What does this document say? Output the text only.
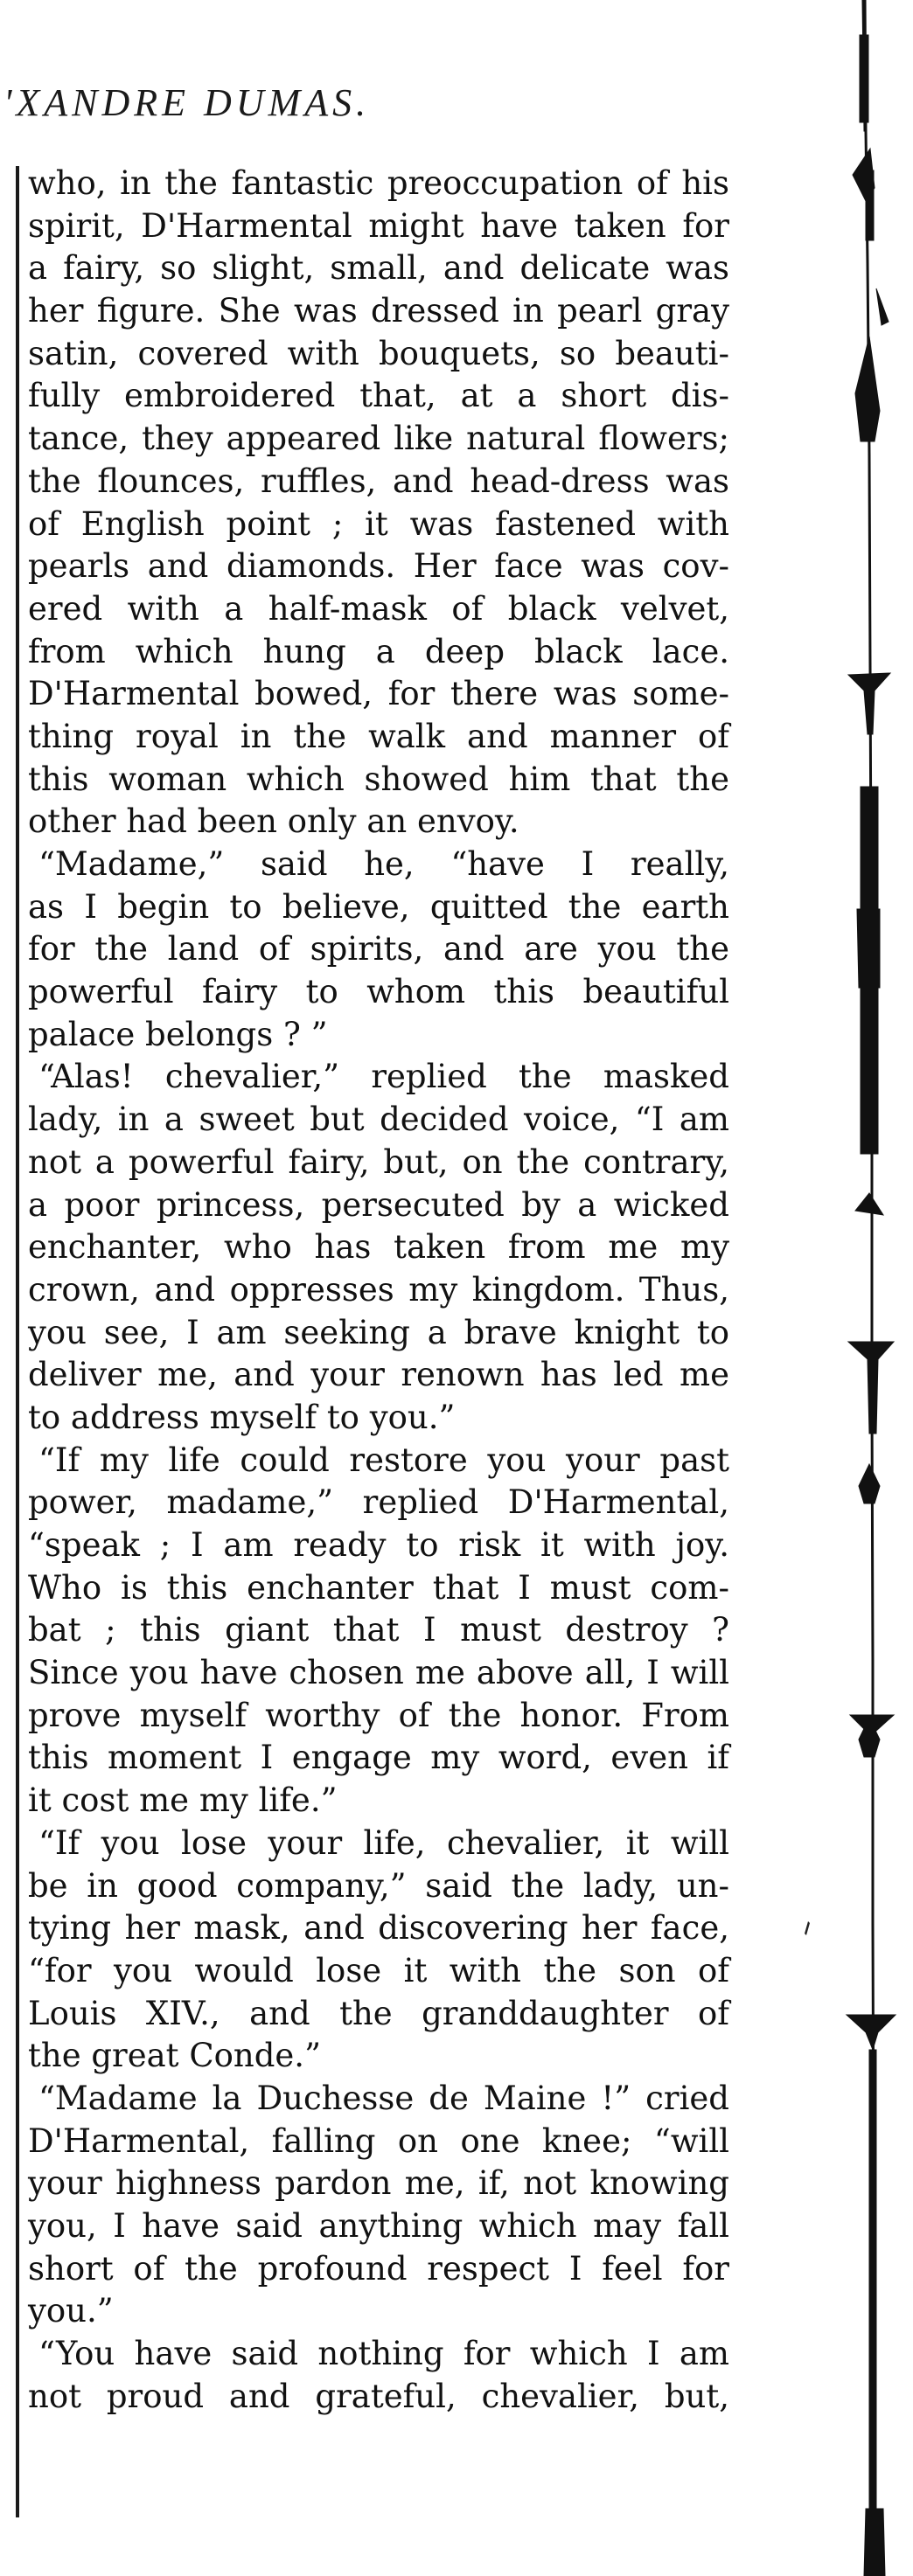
'XANDRE DUMAS.
who, in the fantastic preoccupation of his
spirit, D'Harmental might have taken for
a fairy, so slight, small, and delicate was
her figure. She was dressed in pearl gray
satin, covered with bouquets, so beauti-
fully embroidered that, at a short dis-
tance, they appeared like natural flowers;
the flounces, ruffles, and head-dress was
of English point ; it was fastened with
pearls and diamonds. Her face was cov-
ered with a half-mask of black velvet,
from which hung a deep black lace.
D'Harmental bowed, for there was some-
thing royal in the walk and manner of
this woman which showed him that the
other had been only an envoy.
“Madame,” said he, “have I really,
as I begin to believe, quitted the earth
for the land of spirits, and are you the
powerful fairy to whom this beautiful
palace belongs ? ”
“Alas! chevalier,” replied the masked
lady, in a sweet but decided voice, “I am
not a powerful fairy, but, on the contrary,
a poor princess, persecuted by a wicked
enchanter, who has taken from me my
crown, and oppresses my kingdom. Thus,
you see, I am seeking a brave knight to
deliver me, and your renown has led me
to address myself to you.”
“If my life could restore you your past
power, madame,” replied D'Harmental,
“speak ; I am ready to risk it with joy.
Who is this enchanter that I must com-
bat ; this giant that I must destroy ?
Since you have chosen me above all, I will
prove myself worthy of the honor. From
this moment I engage my word, even if
it cost me my life.”
“If you lose your life, chevalier, it will
be in good company,” said the lady, un-
tying her mask, and discovering her face,
“for you would lose it with the son of
Louis XIV., and the granddaughter of
the great Conde.”
“Madame la Duchesse de Maine !” cried
D'Harmental, falling on one knee; “will
your highness pardon me, if, not knowing
you, I have said anything which may fall
short of the profound respect I feel for
you.”
“You have said nothing for which I am
not proud and grateful, chevalier, but,
